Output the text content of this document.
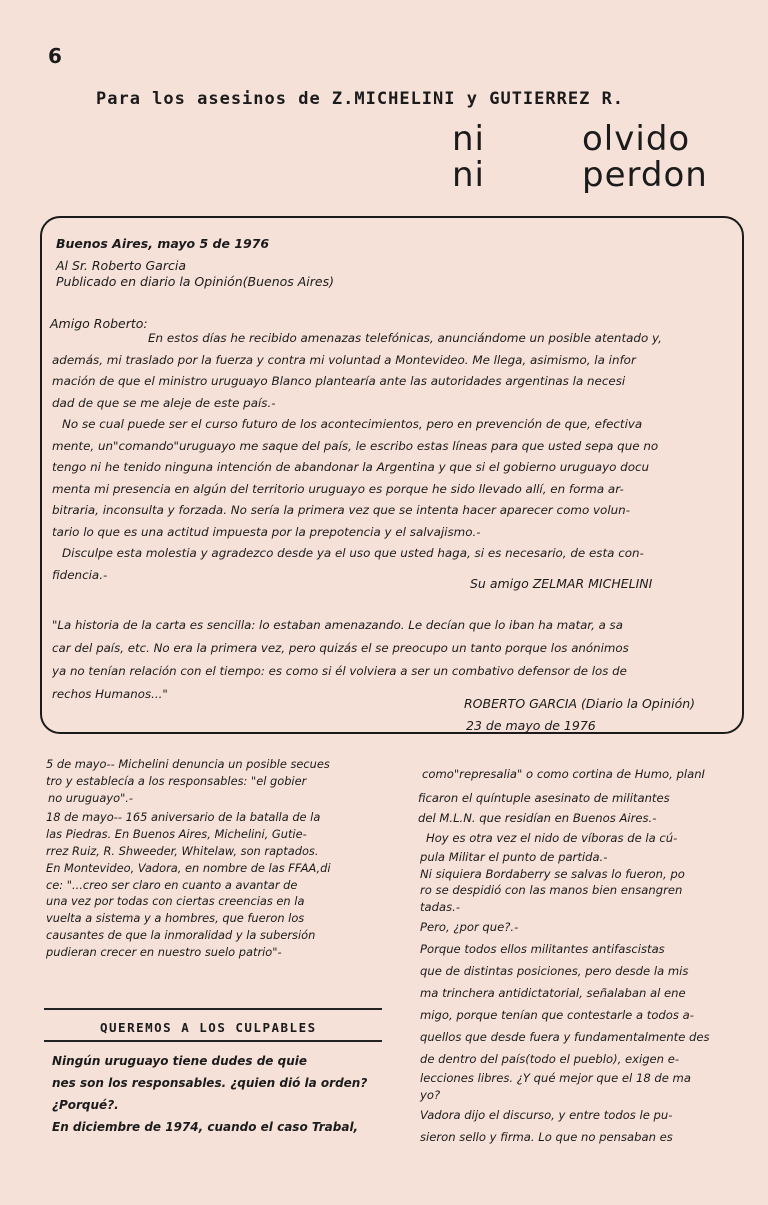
6
Para los asesinos de Z.MICHELINI y GUTIERREZ R.
ni	olvido
ni	perdon
Buenos Aires, mayo 5 de 1976
Al Sr. Roberto Garcia
Publicado en diario la Opinión(Buenos Aires)
Amigo Roberto:
En estos días he recibido amenazas telefónicas, anunciándome un posible atentado y,
además, mi traslado por la fuerza y contra mi voluntad a Montevideo. Me llega, asimismo, la infor
mación de que el ministro uruguayo Blanco plantearía ante las autoridades argentinas la necesi
dad de que se me aleje de este país.-
No se cual puede ser el curso futuro de los acontecimientos, pero en prevención de que, efectiva
mente, un"comando"uruguayo me saque del país, le escribo estas líneas para que usted sepa que no
tengo ni he tenido ninguna intención de abandonar la Argentina y que si el gobierno uruguayo docu
menta mi presencia en algún del territorio uruguayo es porque he sido llevado allí, en forma ar-
bitraria, inconsulta y forzada. No sería la primera vez que se intenta hacer aparecer como volun-
tario lo que es una actitud impuesta por la prepotencia y el salvajismo.-
Disculpe esta molestia y agradezco desde ya el uso que usted haga, si es necesario, de esta con-
fidencia.-
Su amigo ZELMAR MICHELINI
"La historia de la carta es sencilla: lo estaban amenazando. Le decían que lo iban ha matar, a sa
car del país, etc. No era la primera vez, pero quizás el se preocupo un tanto porque los anónimos
ya no tenían relación con el tiempo: es como si él volviera a ser un combativo defensor de los de
rechos Humanos..."
ROBERTO GARCIA (Diario la Opinión)
23 de mayo de 1976
5 de mayo-- Michelini denuncia un posible secues
tro y establecía a los responsables: "el gobier
no uruguayo".-
18 de mayo-- 165 aniversario de la batalla de la
las Piedras. En Buenos Aires, Michelini, Gutie-
rrez Ruiz, R. Shweeder, Whitelaw, son raptados.
En Montevideo, Vadora, en nombre de las FFAA,di
ce: "...creo ser claro en cuanto a avantar de
una vez por todas con ciertas creencias en la
vuelta a sistema y a hombres, que fueron los
causantes de que la inmoralidad y la subersión
pudieran crecer en nuestro suelo patrio"-
QUEREMOS A LOS CULPABLES
Ningún uruguayo tiene dudes de quie
nes son los responsables. ¿quien dió la orden?
¿Porqué?.
En diciembre de 1974, cuando el caso Trabal,
como"represalia" o como cortina de Humo, planI
ficaron el quíntuple asesinato de militantes
del M.L.N. que residían en Buenos Aires.-
Hoy es otra vez el nido de víboras de la cú-
pula Militar el punto de partida.-
Ni siquiera Bordaberry se salvas lo fueron, po
ro se despidió con las manos bien ensangren
tadas.-
Pero, ¿por que?.-
Porque todos ellos militantes antifascistas
que de distintas posiciones, pero desde la mis
ma trinchera antidictatorial, señalaban al ene
migo, porque tenían que contestarle a todos a-
quellos que desde fuera y fundamentalmente des
de dentro del país(todo el pueblo), exigen e-
lecciones libres. ¿Y qué mejor que el 18 de ma
yo?
Vadora dijo el discurso, y entre todos le pu-
sieron sello y firma. Lo que no pensaban es
